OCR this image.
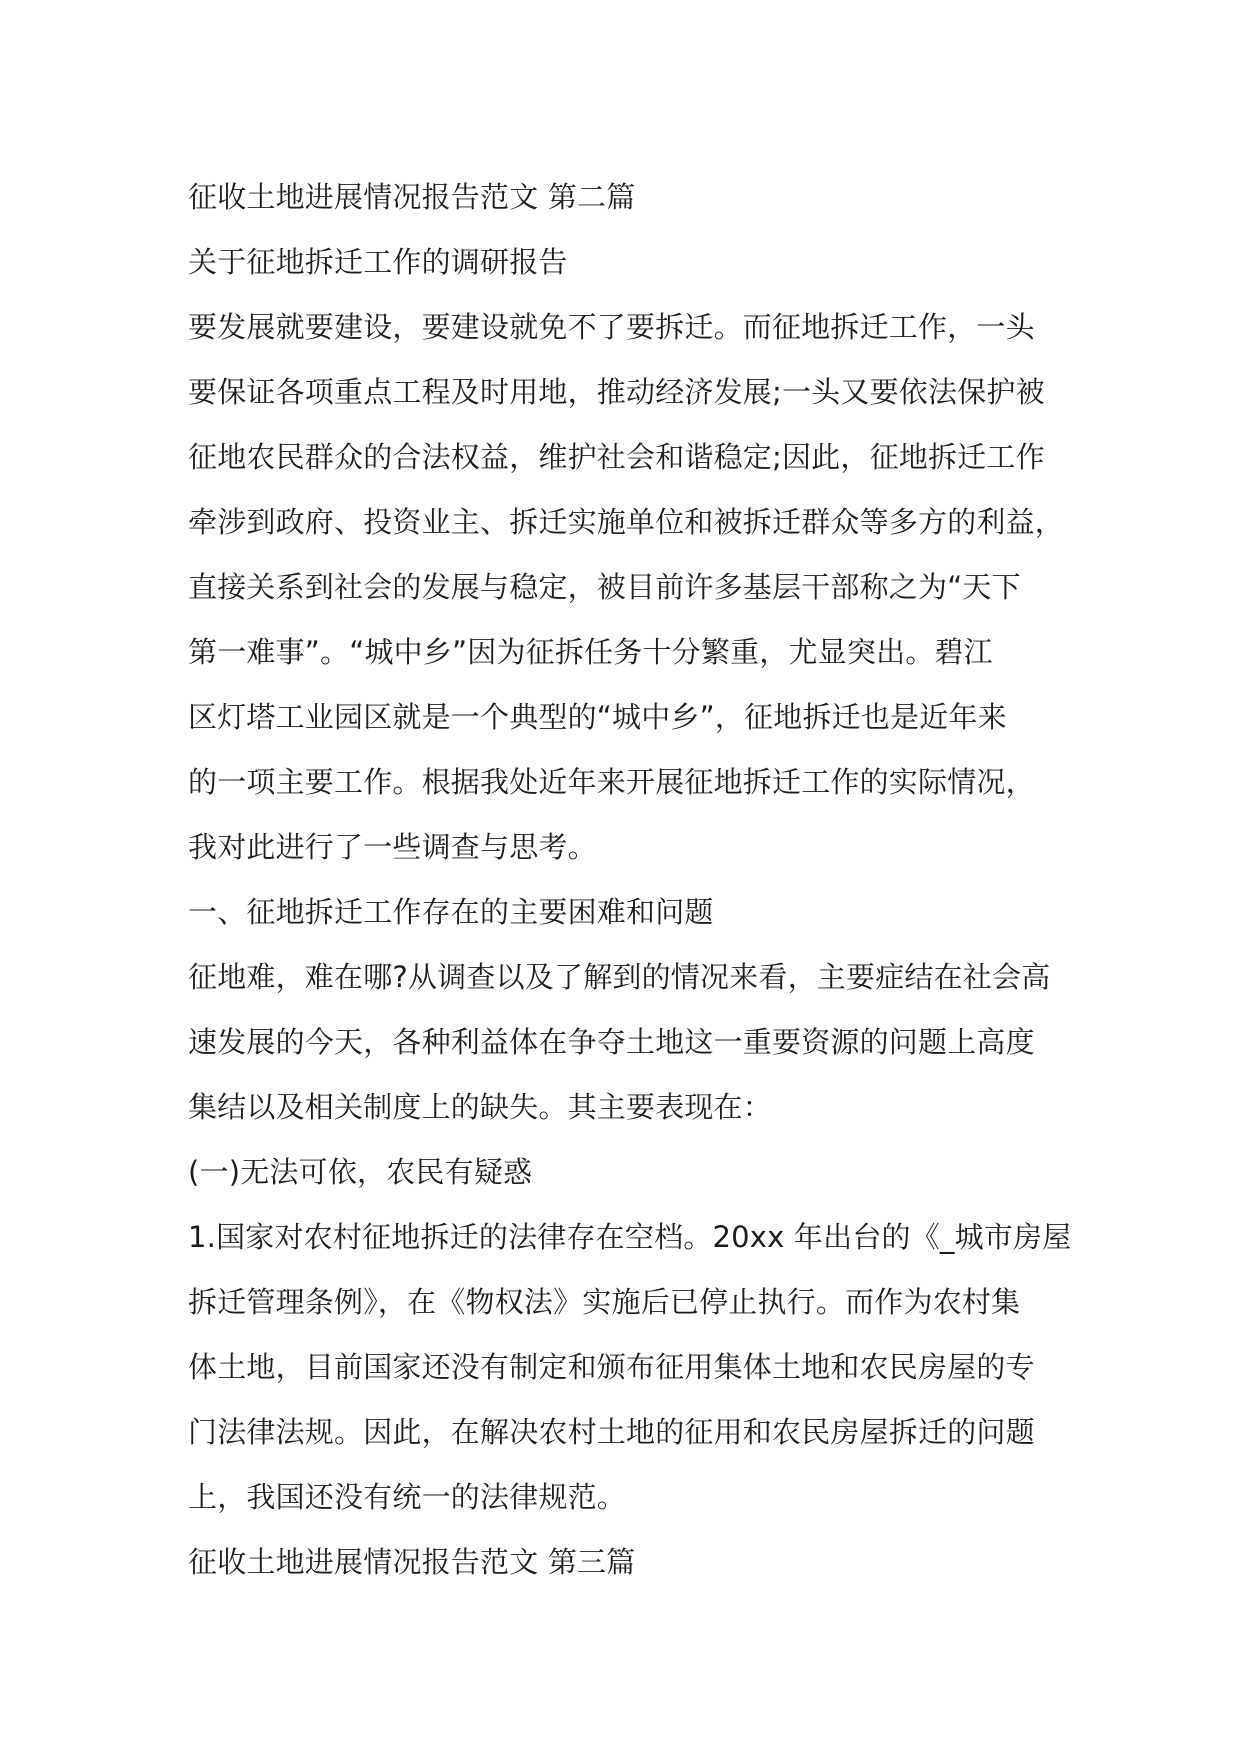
征收土地进展情况报告范文 第二篇
关于征地拆迁工作的调研报告
要发展就要建设，要建设就免不了要拆迁。而征地拆迁工作，一头
要保证各项重点工程及时用地，推动经济发展;一头又要依法保护被
征地农民群众的合法权益，维护社会和谐稳定;因此，征地拆迁工作
牵涉到政府、投资业主、拆迁实施单位和被拆迁群众等多方的利益，
直接关系到社会的发展与稳定，被目前许多基层干部称之为“天下
第一难事”。“城中乡”因为征拆任务十分繁重，尤显突出。碧江
区灯塔工业园区就是一个典型的“城中乡”，征地拆迁也是近年来
的一项主要工作。根据我处近年来开展征地拆迁工作的实际情况，
我对此进行了一些调查与思考。
一、征地拆迁工作存在的主要困难和问题
征地难，难在哪?从调查以及了解到的情况来看，主要症结在社会高
速发展的今天，各种利益体在争夺土地这一重要资源的问题上高度
集结以及相关制度上的缺失。其主要表现在：
(一)无法可依，农民有疑惑
1.国家对农村征地拆迁的法律存在空档。20xx 年出台的《_城市房屋
拆迁管理条例》，在《物权法》实施后已停止执行。而作为农村集
体土地，目前国家还没有制定和颁布征用集体土地和农民房屋的专
门法律法规。因此，在解决农村土地的征用和农民房屋拆迁的问题
上，我国还没有统一的法律规范。
征收土地进展情况报告范文 第三篇
